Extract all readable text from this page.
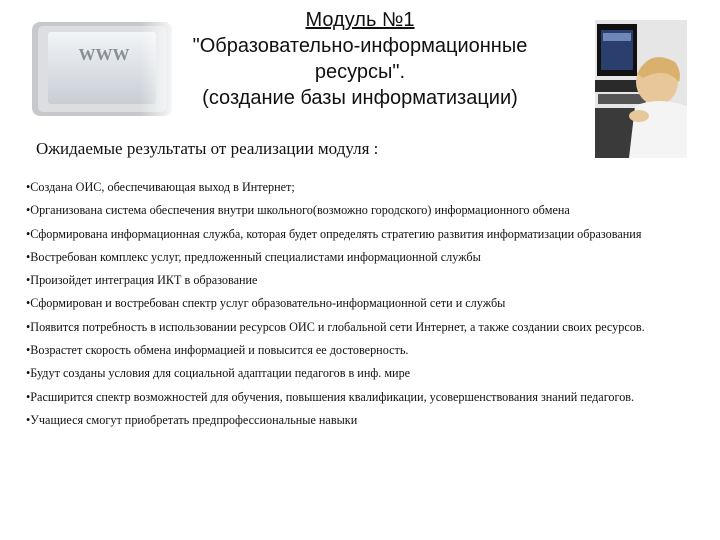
WWW
Модуль №1
"Образовательно-информационные
ресурсы".
(создание базы информатизации)
Ожидаемые результаты от реализации модуля :

•Создана ОИС, обеспечивающая выход в Интернет;

•Организована система обеспечения внутри школьного(возможно городского) информационного обмена

•Сформирована информационная служба, которая будет определять стратегию развития информатизации образования

•Востребован комплекс услуг, предложенный специалистами информационной службы

•Произойдет интеграция ИКТ в образование

•Сформирован и востребован спектр услуг образовательно-информационной сети и службы

•Появится потребность в использовании ресурсов ОИС и глобальной сети Интернет, а также создании своих ресурсов.

•Возрастет скорость обмена информацией и повысится ее достоверность.

•Будут созданы условия для социальной адаптации педагогов в инф. мире

•Расширится спектр возможностей для обучения, повышения квалификации, усовершенствования знаний педагогов.

•Учащиеся смогут приобретать предпрофессиональные навыки
